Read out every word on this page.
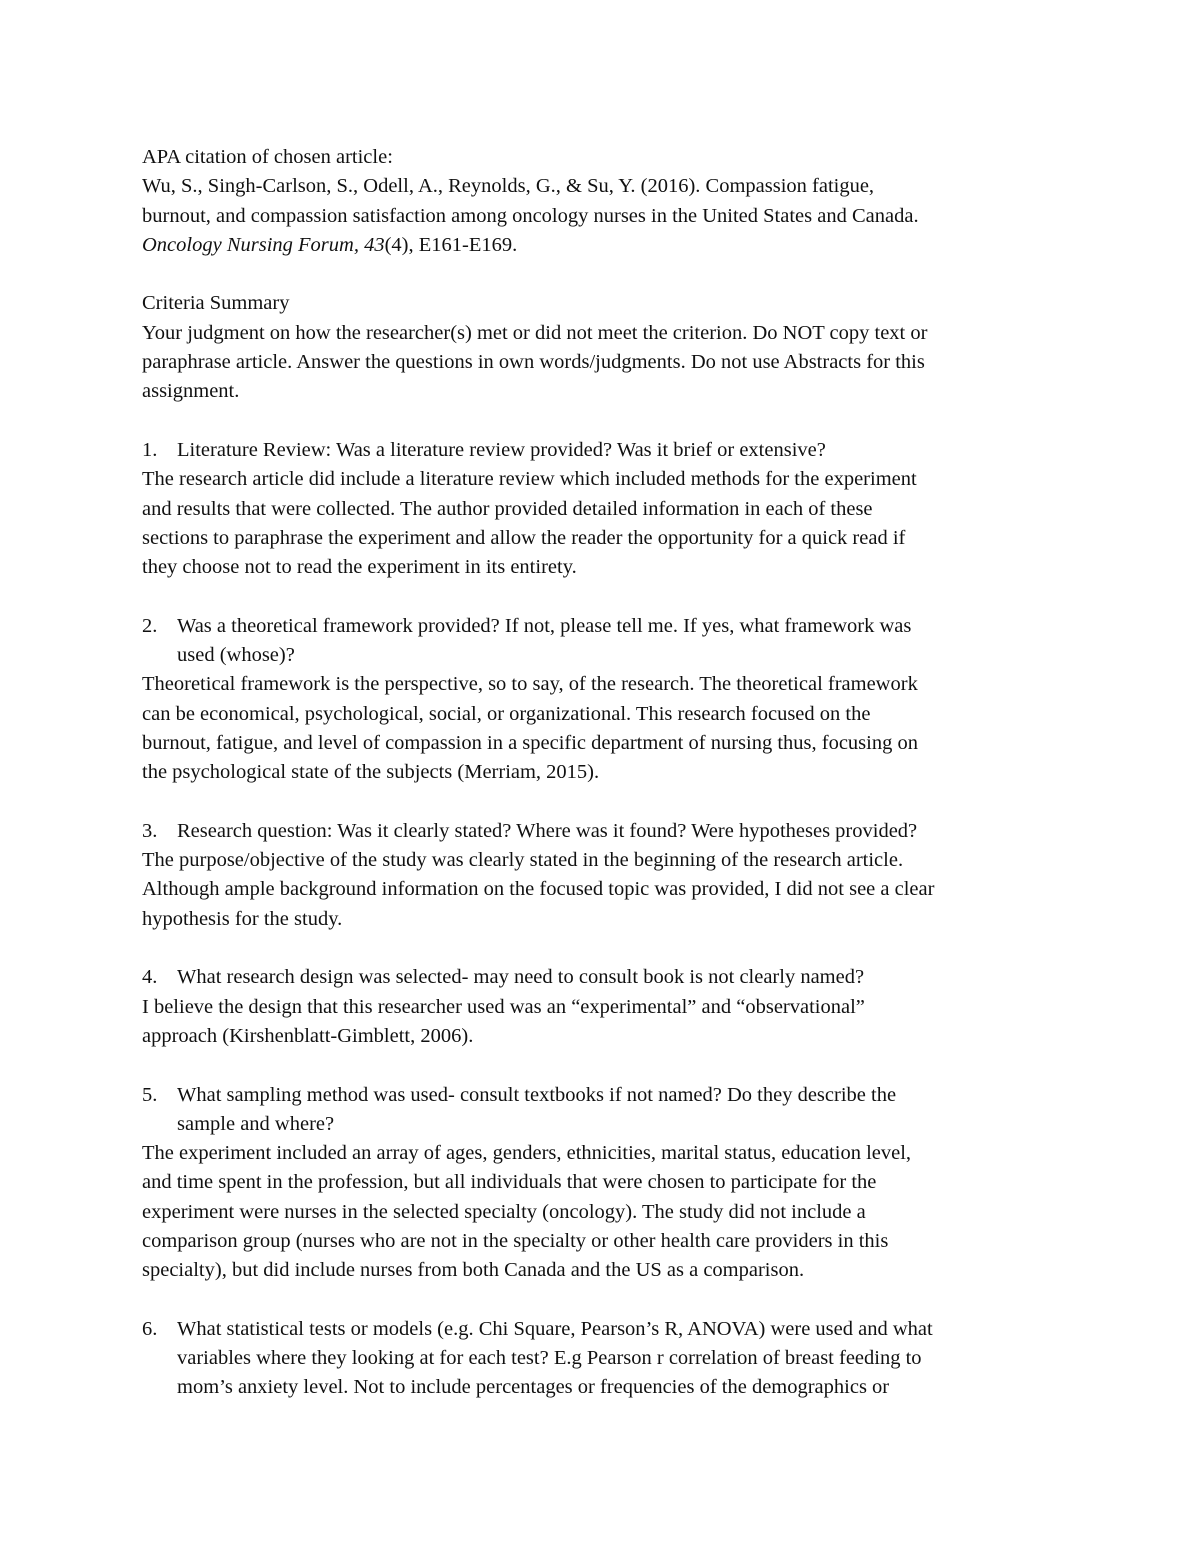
APA citation of chosen article:
Wu, S., Singh-Carlson, S., Odell, A., Reynolds, G., & Su, Y. (2016). Compassion fatigue,
burnout, and compassion satisfaction among oncology nurses in the United States and Canada.
Oncology Nursing Forum, 43(4), E161-E169.
Criteria Summary
Your judgment on how the researcher(s) met or did not meet the criterion. Do NOT copy text or
paraphrase article. Answer the questions in own words/judgments. Do not use Abstracts for this
assignment.
1. Literature Review: Was a literature review provided? Was it brief or extensive?
The research article did include a literature review which included methods for the experiment
and results that were collected. The author provided detailed information in each of these
sections to paraphrase the experiment and allow the reader the opportunity for a quick read if
they choose not to read the experiment in its entirety.
2. Was a theoretical framework provided? If not, please tell me. If yes, what framework was
used (whose)?
Theoretical framework is the perspective, so to say, of the research. The theoretical framework
can be economical, psychological, social, or organizational. This research focused on the
burnout, fatigue, and level of compassion in a specific department of nursing thus, focusing on
the psychological state of the subjects (Merriam, 2015).
3. Research question: Was it clearly stated? Where was it found? Were hypotheses provided?
The purpose/objective of the study was clearly stated in the beginning of the research article.
Although ample background information on the focused topic was provided, I did not see a clear
hypothesis for the study.
4. What research design was selected- may need to consult book is not clearly named?
I believe the design that this researcher used was an “experimental” and “observational”
approach (Kirshenblatt-Gimblett, 2006).
5. What sampling method was used- consult textbooks if not named? Do they describe the
sample and where?
The experiment included an array of ages, genders, ethnicities, marital status, education level,
and time spent in the profession, but all individuals that were chosen to participate for the
experiment were nurses in the selected specialty (oncology). The study did not include a
comparison group (nurses who are not in the specialty or other health care providers in this
specialty), but did include nurses from both Canada and the US as a comparison.
6. What statistical tests or models (e.g. Chi Square, Pearson’s R, ANOVA) were used and what
variables where they looking at for each test? E.g Pearson r correlation of breast feeding to
mom’s anxiety level. Not to include percentages or frequencies of the demographics or
